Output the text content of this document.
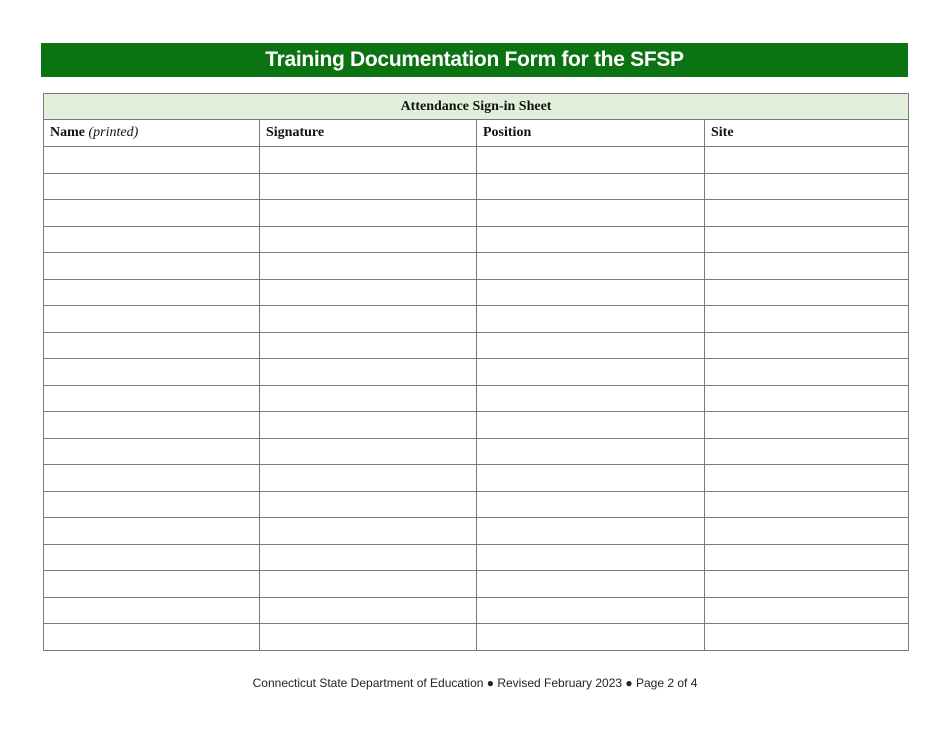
Training Documentation Form for the SFSP
Attendance Sign-in Sheet			
Name (printed)	Signature	Position	Site

Connecticut State Department of Education ● Revised February 2023 ● Page 2 of 4
